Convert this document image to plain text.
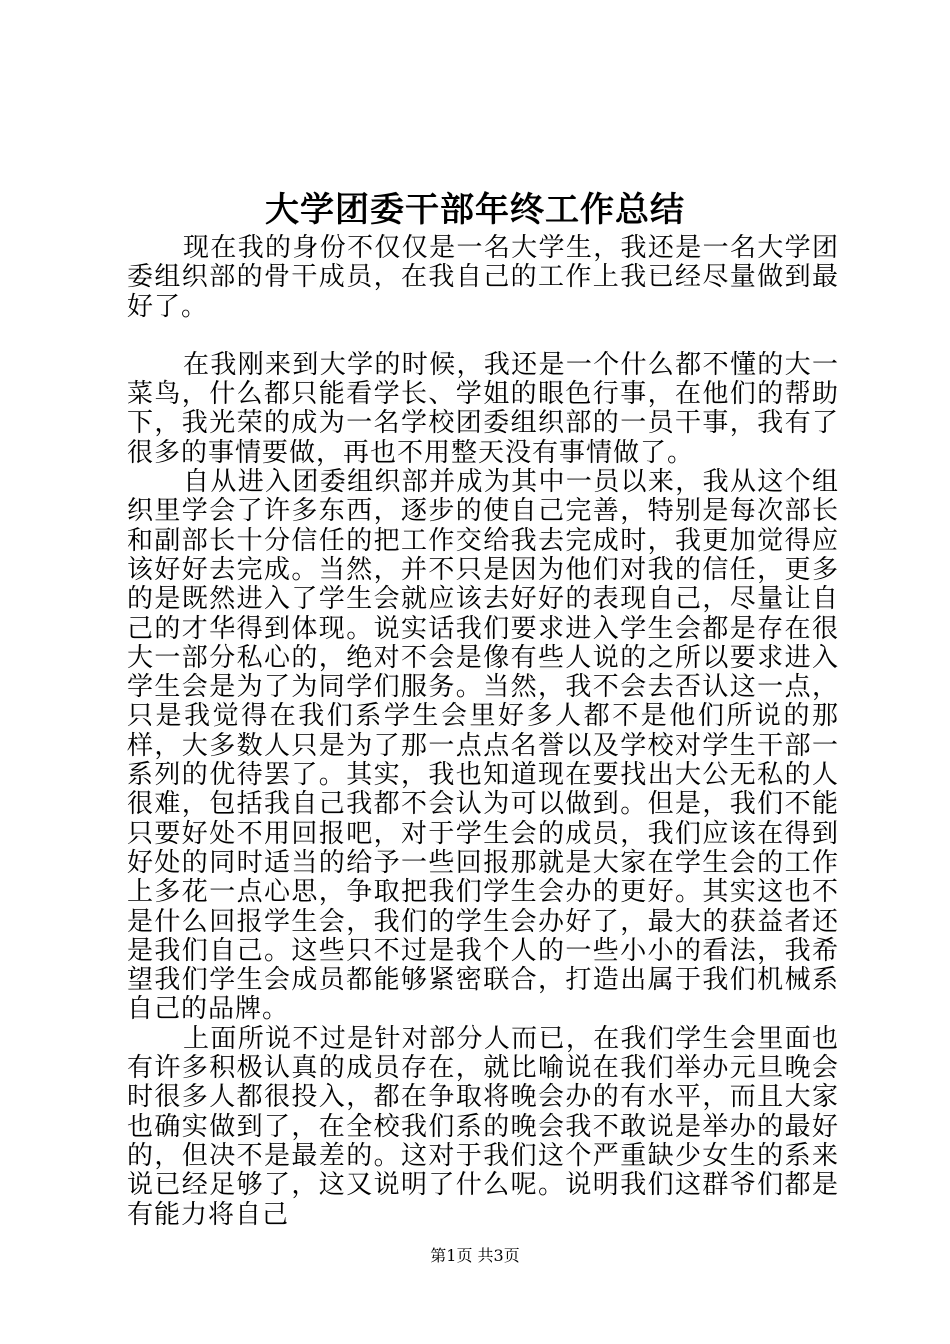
大学团委干部年终工作总结

现在我的身份不仅仅是一名大学生，我还是一名大学团委组织部的骨干成员，在我自己的工作上我已经尽量做到最好了。

在我刚来到大学的时候，我还是一个什么都不懂的大一菜鸟，什么都只能看学长、学姐的眼色行事，在他们的帮助下，我光荣的成为一名学校团委组织部的一员干事，我有了很多的事情要做，再也不用整天没有事情做了。

自从进入团委组织部并成为其中一员以来，我从这个组织里学会了许多东西，逐步的使自己完善，特别是每次部长和副部长十分信任的把工作交给我去完成时，我更加觉得应该好好去完成。当然，并不只是因为他们对我的信任，更多的是既然进入了学生会就应该去好好的表现自己，尽量让自己的才华得到体现。说实话我们要求进入学生会都是存在很大一部分私心的，绝对不会是像有些人说的之所以要求进入学生会是为了为同学们服务。当然，我不会去否认这一点，只是我觉得在我们系学生会里好多人都不是他们所说的那样，大多数人只是为了那一点点名誉以及学校对学生干部一系列的优待罢了。其实，我也知道现在要找出大公无私的人很难，包括我自己我都不会认为可以做到。但是，我们不能只要好处不用回报吧，对于学生会的成员，我们应该在得到好处的同时适当的给予一些回报那就是大家在学生会的工作上多花一点心思，争取把我们学生会办的更好。其实这也不是什么回报学生会，我们的学生会办好了，最大的获益者还是我们自己。这些只不过是我个人的一些小小的看法，我希望我们学生会成员都能够紧密联合，打造出属于我们机械系自己的品牌。

上面所说不过是针对部分人而已，在我们学生会里面也有许多积极认真的成员存在，就比喻说在我们举办元旦晚会时很多人都很投入，都在争取将晚会办的有水平，而且大家也确实做到了，在全校我们系的晚会我不敢说是举办的最好的，但决不是最差的。这对于我们这个严重缺少女生的系来说已经足够了，这又说明了什么呢。说明我们这群爷们都是有能力将自己

第1页 共3页
